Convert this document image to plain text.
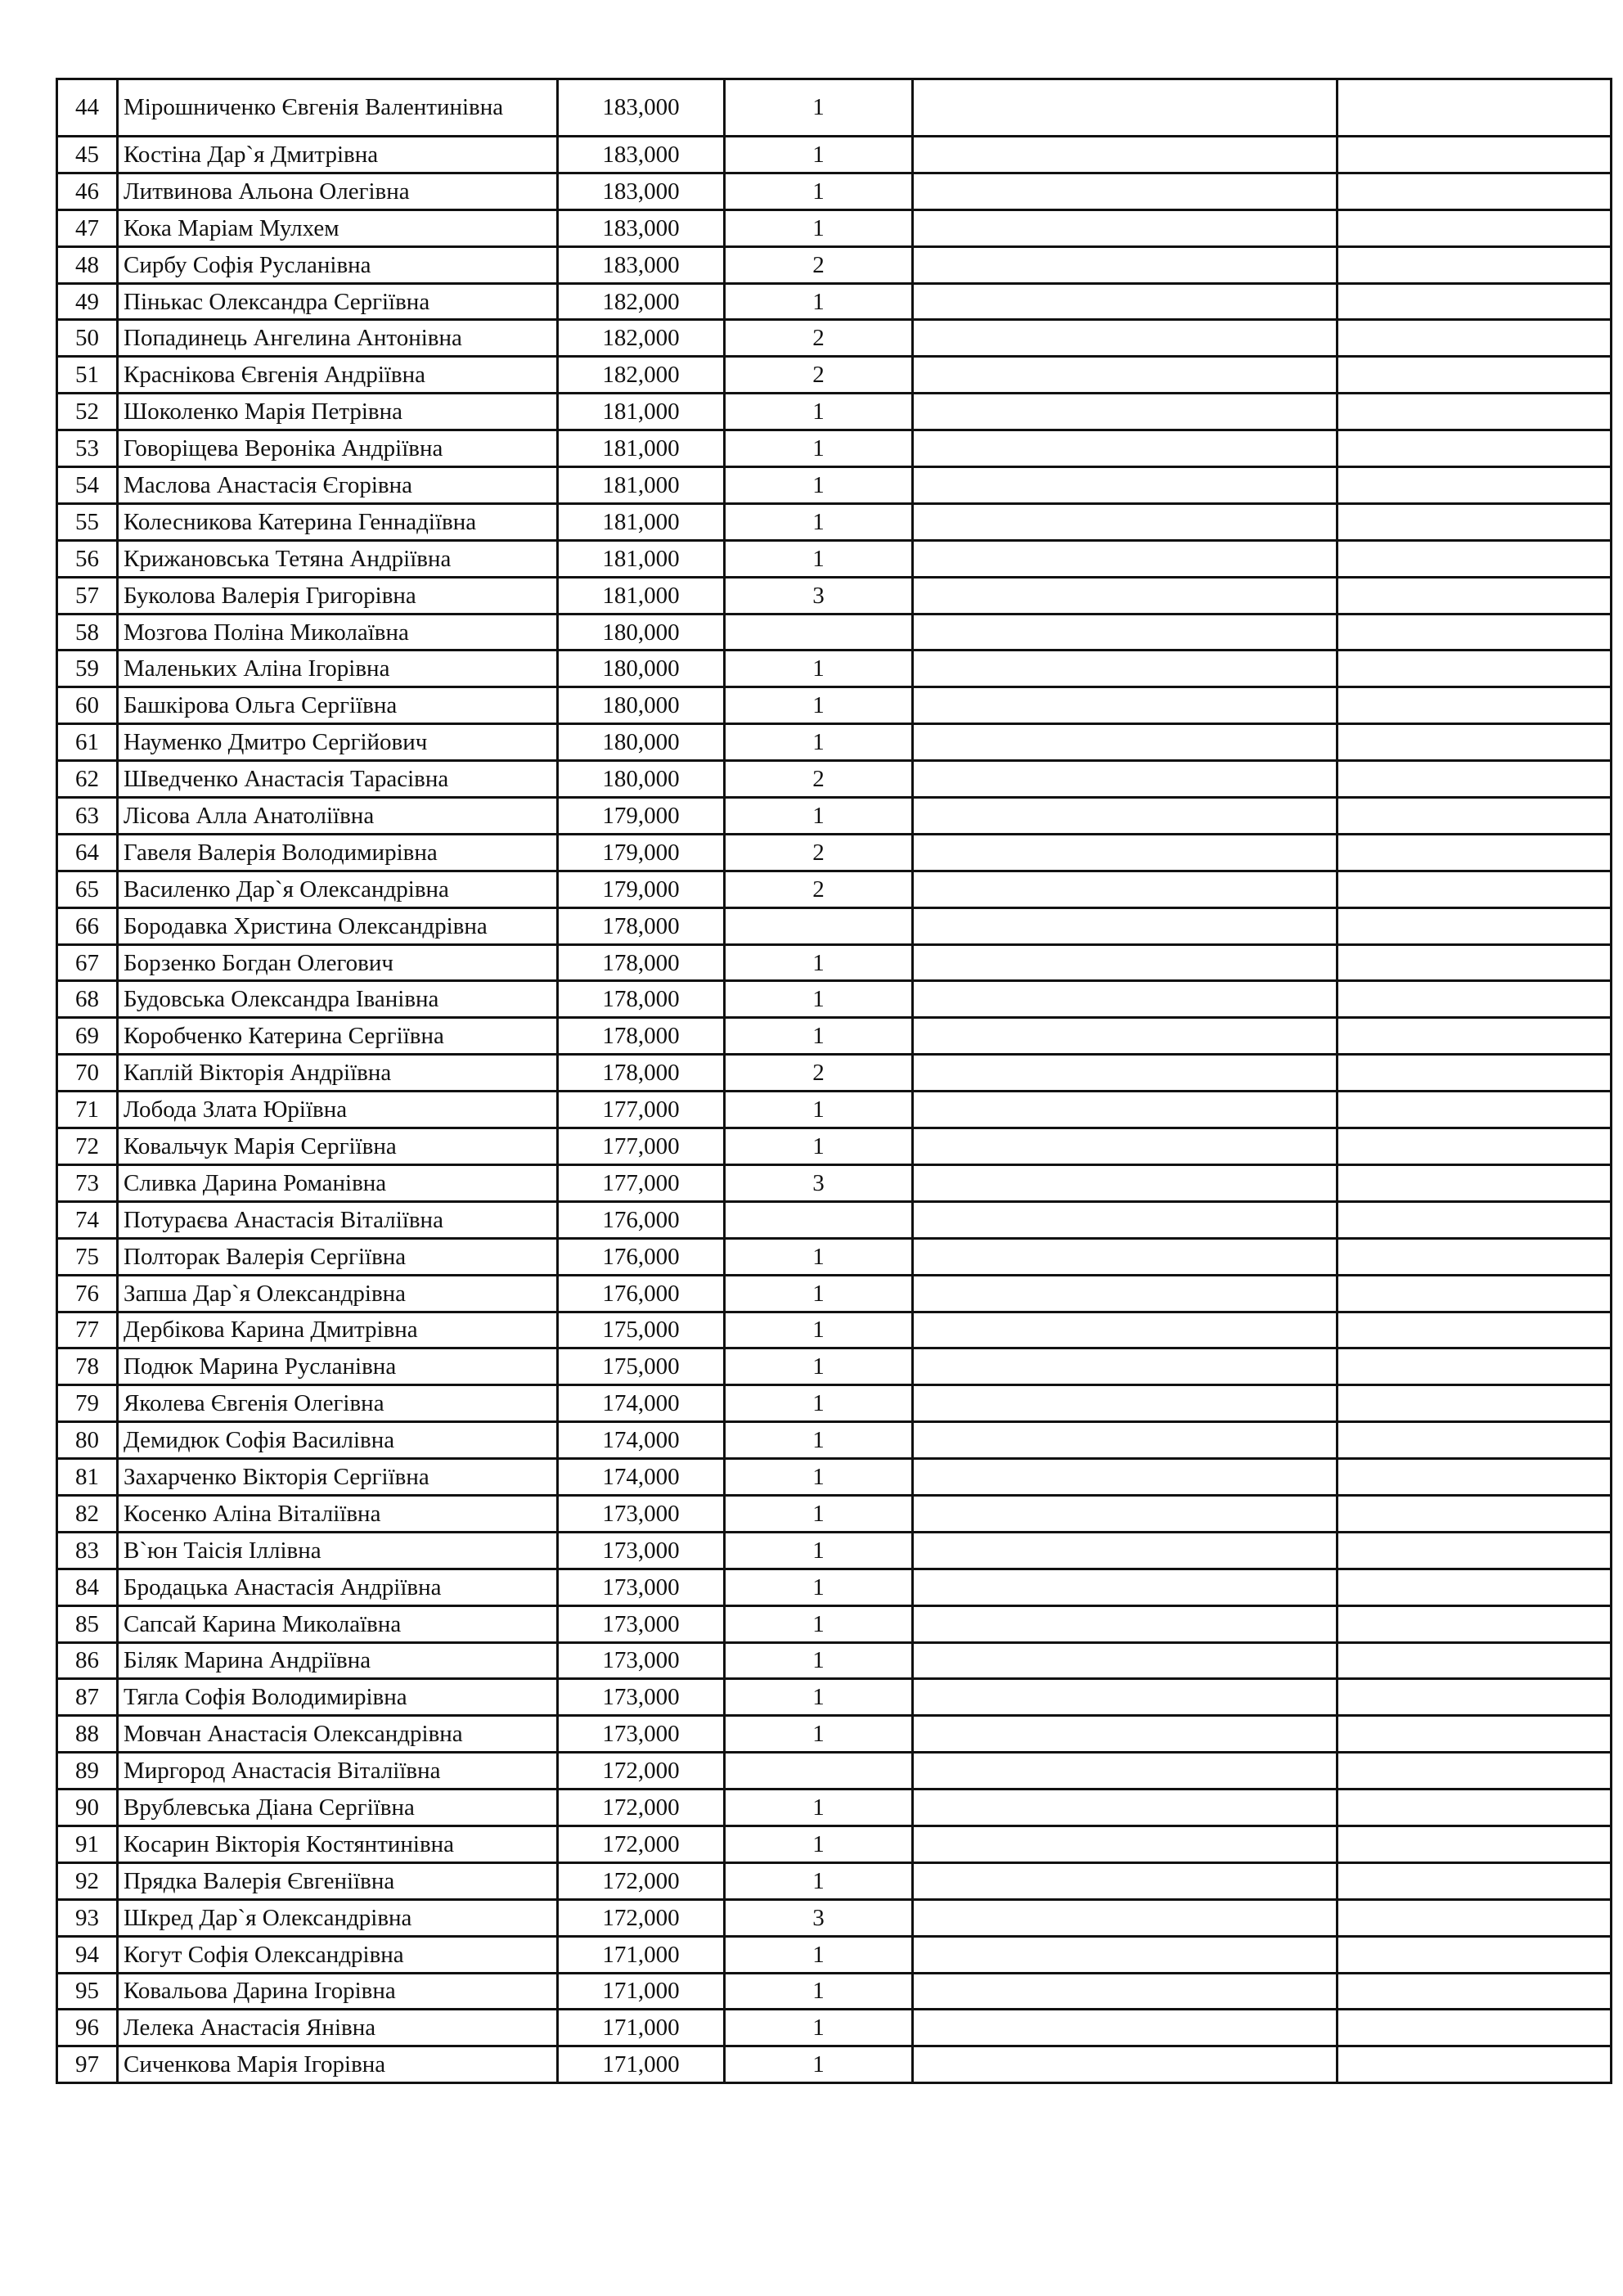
44	Мірошниченко Євгенія Валентинівна	183,000	1		
45	Костіна Дар`я Дмитрівна	183,000	1		
46	Литвинова Альона Олегівна	183,000	1		
47	Кока Маріам Мулхем	183,000	1		
48	Сирбу Софія Русланівна	183,000	2		
49	Пінькас Олександра Сергіївна	182,000	1		
50	Попадинець Ангелина Антонівна	182,000	2		
51	Краснікова Євгенія Андріївна	182,000	2		
52	Шоколенко Марія Петрівна	181,000	1		
53	Говоріщева Вероніка Андріївна	181,000	1		
54	Маслова Анастасія Єгорівна	181,000	1		
55	Колесникова Катерина Геннадіївна	181,000	1		
56	Крижановська Тетяна Андріївна	181,000	1		
57	Буколова Валерія Григорівна	181,000	3		
58	Мозгова Поліна Миколаївна	180,000			
59	Маленьких Аліна Ігорівна	180,000	1		
60	Башкірова Ольга Сергіївна	180,000	1		
61	Науменко Дмитро Сергійович	180,000	1		
62	Шведченко Анастасія Тарасівна	180,000	2		
63	Лісова Алла Анатоліївна	179,000	1		
64	Гавеля Валерія Володимирівна	179,000	2		
65	Василенко Дар`я Олександрівна	179,000	2		
66	Бородавка Христина Олександрівна	178,000			
67	Борзенко Богдан Олегович	178,000	1		
68	Будовська Олександра Іванівна	178,000	1		
69	Коробченко Катерина Сергіївна	178,000	1		
70	Каплій Вікторія Андріївна	178,000	2		
71	Лобода Злата Юріївна	177,000	1		
72	Ковальчук Марія Сергіївна	177,000	1		
73	Сливка Дарина Романівна	177,000	3		
74	Потураєва Анастасія Віталіївна	176,000			
75	Полторак Валерія Сергіївна	176,000	1		
76	Запша Дар`я Олександрівна	176,000	1		
77	Дербікова Карина Дмитрівна	175,000	1		
78	Подюк Марина Русланівна	175,000	1		
79	Яколева Євгенія Олегівна	174,000	1		
80	Демидюк Софія Василівна	174,000	1		
81	Захарченко Вікторія Сергіївна	174,000	1		
82	Косенко Аліна Віталіївна	173,000	1		
83	В`юн Таісія Іллівна	173,000	1		
84	Бродацька Анастасія Андріївна	173,000	1		
85	Сапсай Карина Миколаївна	173,000	1		
86	Біляк Марина Андріївна	173,000	1		
87	Тягла Софія Володимирівна	173,000	1		
88	Мовчан Анастасія Олександрівна	173,000	1		
89	Миргород Анастасія Віталіївна	172,000			
90	Врублевська Діана Сергіївна	172,000	1		
91	Косарин Вікторія Костянтинівна	172,000	1		
92	Прядка Валерія Євгеніївна	172,000	1		
93	Шкред Дар`я Олександрівна	172,000	3		
94	Когут Софія Олександрівна	171,000	1		
95	Ковальова Дарина Ігорівна	171,000	1		
96	Лелека Анастасія Янівна	171,000	1		
97	Сиченкова Марія Ігорівна	171,000	1		
